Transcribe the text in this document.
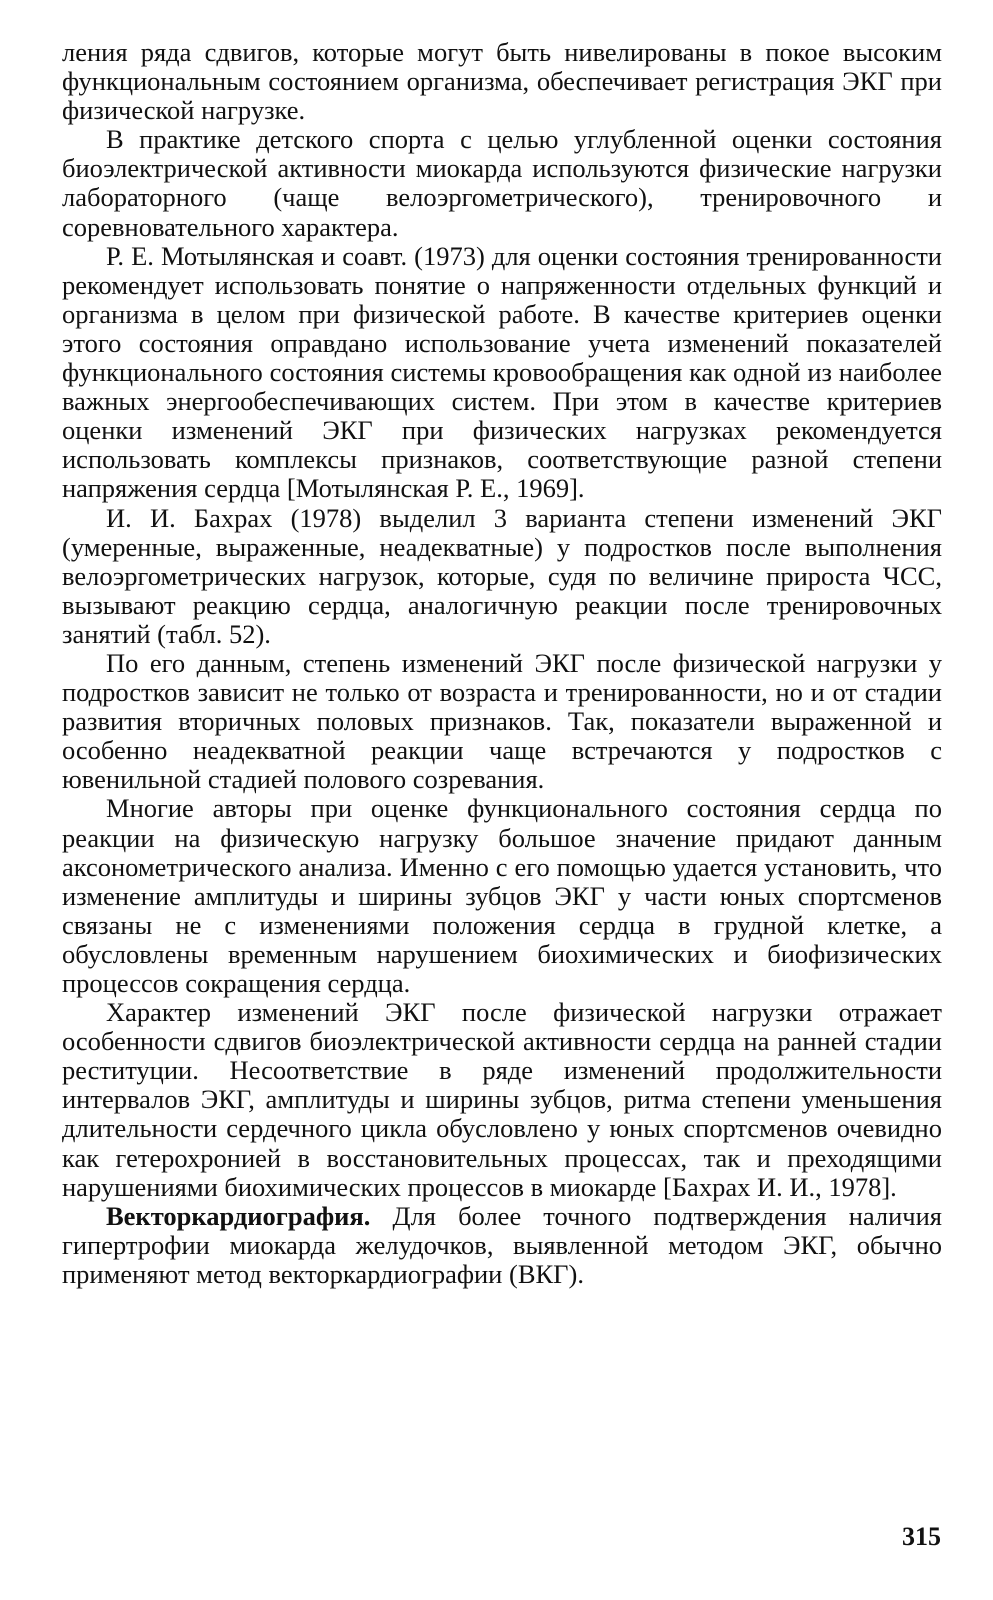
ления ряда сдвигов, которые могут быть нивелированы в покое высоким функциональным состоянием организма, обеспечивает регистрация ЭКГ при физической нагрузке.

В практике детского спорта с целью углубленной оценки состояния биоэлектрической активности миокарда используются физические нагрузки лабораторного (чаще велоэргометрического), тренировочного и соревновательного характера.

Р. Е. Мотылянская и соавт. (1973) для оценки состояния тренированности рекомендует использовать понятие о напряженности отдельных функций и организма в целом при физической работе. В качестве критериев оценки этого состояния оправдано использование учета изменений показателей функционального состояния системы кровообращения как одной из наиболее важных энергообеспечивающих систем. При этом в качестве критериев оценки изменений ЭКГ при физических нагрузках рекомендуется использовать комплексы признаков, соответствующие разной степени напряжения сердца [Мотылянская Р. Е., 1969].

И. И. Бахрах (1978) выделил 3 варианта степени изменений ЭКГ (умеренные, выраженные, неадекватные) у подростков после выполнения велоэргометрических нагрузок, которые, судя по величине прироста ЧСС, вызывают реакцию сердца, аналогичную реакции после тренировочных занятий (табл. 52).

По его данным, степень изменений ЭКГ после физической нагрузки у подростков зависит не только от возраста и тренированности, но и от стадии развития вторичных половых признаков. Так, показатели выраженной и особенно неадекватной реакции чаще встречаются у подростков с ювенильной стадией полового созревания.

Многие авторы при оценке функционального состояния сердца по реакции на физическую нагрузку большое значение придают данным аксонометрического анализа. Именно с его помощью удается установить, что изменение амплитуды и ширины зубцов ЭКГ у части юных спортсменов связаны не с изменениями положения сердца в грудной клетке, а обусловлены временным нарушением биохимических и биофизических процессов сокращения сердца.

Характер изменений ЭКГ после физической нагрузки отражает особенности сдвигов биоэлектрической активности сердца на ранней стадии реституции. Несоответствие в ряде изменений продолжительности интервалов ЭКГ, амплитуды и ширины зубцов, ритма степени уменьшения длительности сердечного цикла обусловлено у юных спортсменов очевидно как гетерохронией в восстановительных процессах, так и преходящими нарушениями биохимических процессов в миокарде [Бахрах И. И., 1978].

Векторкардиография. Для более точного подтверждения наличия гипертрофии миокарда желудочков, выявленной методом ЭКГ, обычно применяют метод векторкардиографии (ВКГ).

315
